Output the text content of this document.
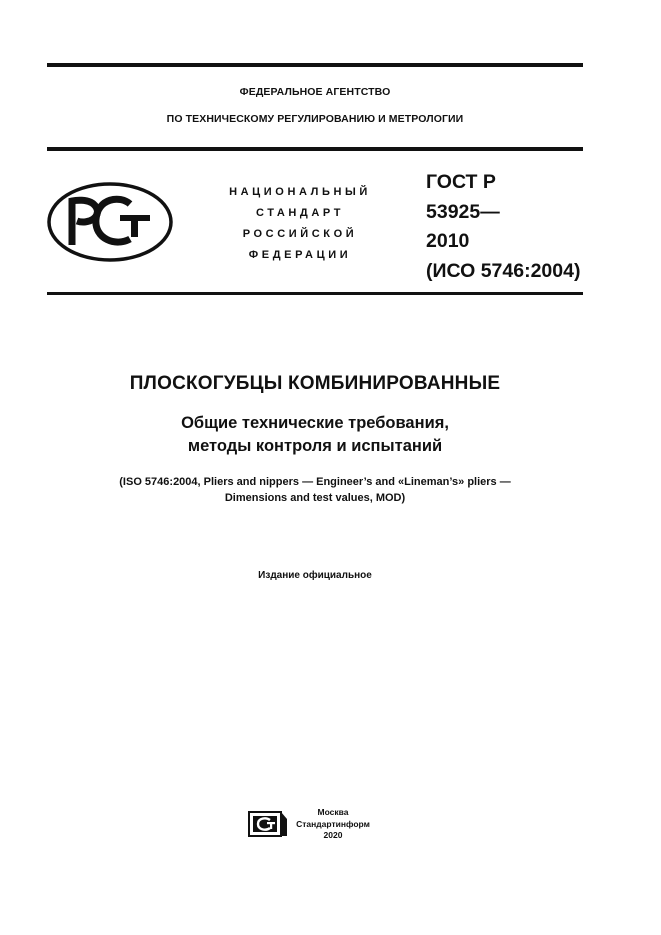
ФЕДЕРАЛЬНОЕ АГЕНТСТВО
ПО ТЕХНИЧЕСКОМУ РЕГУЛИРОВАНИЮ И МЕТРОЛОГИИ
НАЦИОНАЛЬНЫЙ
СТАНДАРТ
РОССИЙСКОЙ
ФЕДЕРАЦИИ
ГОСТ Р
53925—
2010
(ИСО 5746:2004)
ПЛОСКОГУБЦЫ КОМБИНИРОВАННЫЕ
Общие технические требования,
методы контроля и испытаний
(ISO 5746:2004, Pliers and nippers — Engineer’s and «Lineman’s» pliers —
Dimensions and test values, MOD)
Издание официальное
Москва
Стандартинформ
2020
